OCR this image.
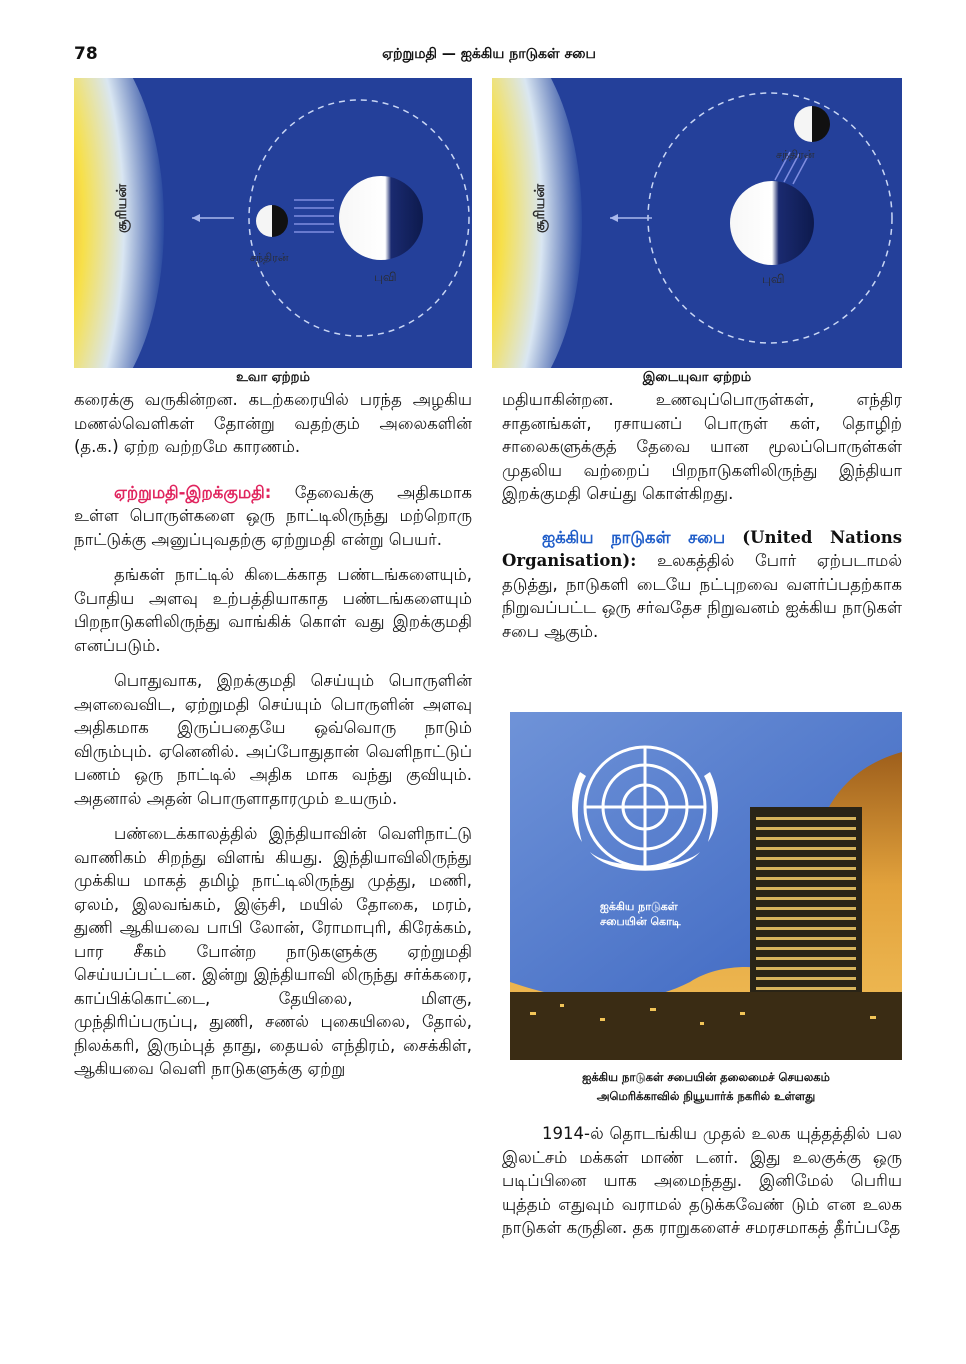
78	ஏற்றுமதி — ஐக்கிய நாடுகள் சபை
சூரியன்
சந்திரன்
புவி
உவா ஏற்றம்
சூரியன்
சந்திரன்
புவி
இடையுவா ஏற்றம்

கரைக்கு வருகின்றன. கடற்கரையில் பரந்த அழகிய மணல்வெளிகள் தோன்று வதற்கும் அலைகளின் (த.க.) ஏற்ற வற்றமே காரணம்.

ஏற்றுமதி-இறக்குமதி: தேவைக்கு அதிகமாக உள்ள பொருள்களை ஒரு நாட்டிலிருந்து மற்றொரு நாட்டுக்கு அனுப்புவதற்கு ஏற்றுமதி என்று பெயர்.

தங்கள் நாட்டில் கிடைக்காத பண்டங்களையும், போதிய அளவு உற்பத்தியாகாத பண்டங்களையும் பிறநாடுகளிலிருந்து வாங்கிக் கொள் வது இறக்குமதி எனப்படும்.

பொதுவாக, இறக்குமதி செய்யும் பொருளின் அளவைவிட, ஏற்றுமதி செய்யும் பொருளின் அளவு அதிகமாக இருப்பதையே ஒவ்வொரு நாடும் விரும்பும். ஏனெனில். அப்போதுதான் வெளிநாட்டுப் பணம் ஒரு நாட்டில் அதிக மாக வந்து குவியும். அதனால் அதன் பொருளாதாரமும் உயரும்.

பண்டைக்காலத்தில் இந்தியாவின் வெளிநாட்டு வாணிகம் சிறந்து விளங் கியது. இந்தியாவிலிருந்து முக்கிய மாகத் தமிழ் நாட்டிலிருந்து முத்து, மணி, ஏலம், இலவங்கம், இஞ்சி, மயில் தோகை, மரம், துணி ஆகியவை பாபி லோன், ரோமாபுரி, கிரேக்கம், பார சீகம் போன்ற நாடுகளுக்கு ஏற்றுமதி செய்யப்பட்டன. இன்று இந்தியாவி லிருந்து சர்க்கரை, காப்பிக்கொட்டை, தேயிலை, மிளகு, முந்திரிப்பருப்பு, துணி, சணல் புகையிலை, தோல், நிலக்கரி, இரும்புத் தாது, தையல் எந்திரம், சைக்கிள், ஆகியவை வெளி நாடுகளுக்கு ஏற்று

மதியாகின்றன. உணவுப்பொருள்கள், எந்திர சாதனங்கள், ரசாயனப் பொருள் கள், தொழிற் சாலைகளுக்குத் தேவை யான மூலப்பொருள்கள் முதலிய வற்றைப் பிறநாடுகளிலிருந்து இந்தியா இறக்குமதி செய்து கொள்கிறது.

ஐக்கிய நாடுகள் சபை (United Nations Organisation): உலகத்தில் போர் ஏற்படாமல் தடுத்து, நாடுகளி டையே நட்புறவை வளர்ப்பதற்காக நிறுவப்பட்ட ஒரு சர்வதேச நிறுவனம் ஐக்கிய நாடுகள் சபை ஆகும்.

ஐக்கிய நாடுகள்
சபையின் கொடி
ஐக்கிய நாடுகள் சபையின் தலைமைச் செயலகம்
அமெரிக்காவில் நியூயார்க் நகரில் உள்ளது

1914-ல் தொடங்கிய முதல் உலக யுத்தத்தில் பல இலட்சம் மக்கள் மாண் டனர். இது உலகுக்கு ஒரு படிப்பினை யாக அமைந்தது. இனிமேல் பெரிய யுத்தம் எதுவும் வராமல் தடுக்கவேண் டும் என உலக நாடுகள் கருதின. தக ராறுகளைச் சமரசமாகத் தீர்ப்பதே
